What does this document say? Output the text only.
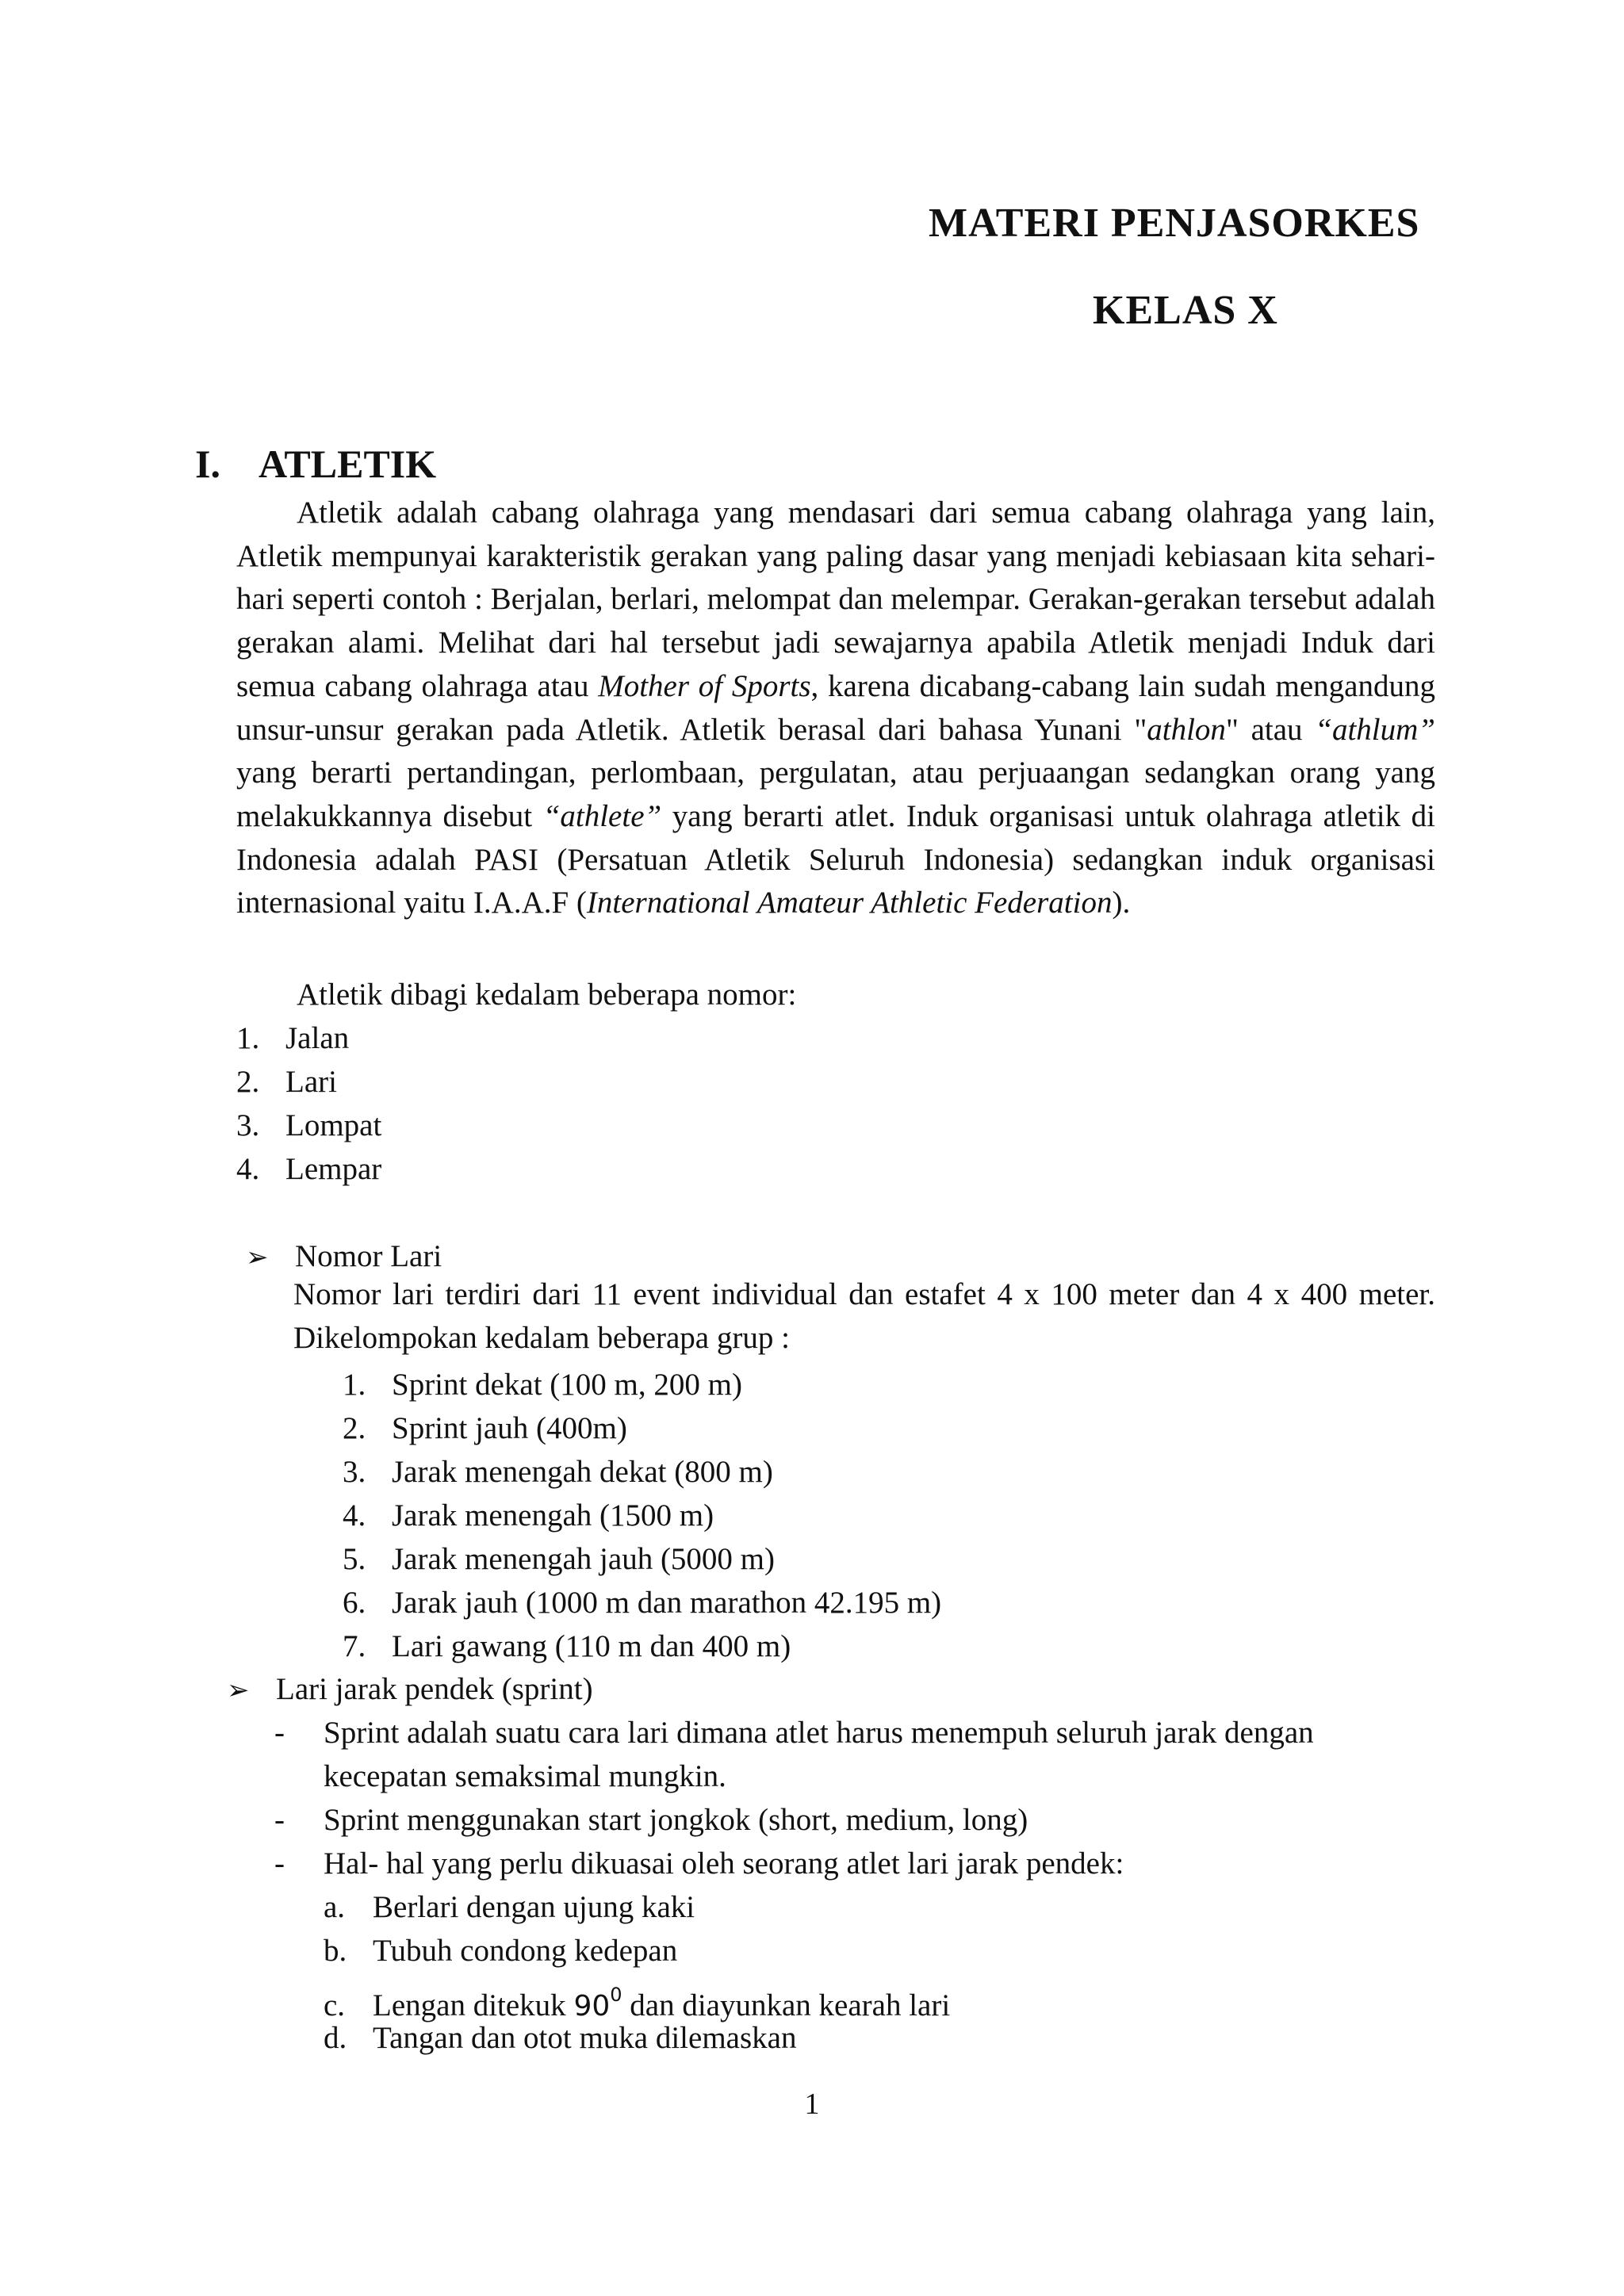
MATERI PENJASORKES
KELAS X
I. ATLETIK

Atletik adalah cabang olahraga yang mendasari dari semua cabang olahraga yang lain, Atletik mempunyai karakteristik gerakan yang paling dasar yang menjadi kebiasaan kita sehari-hari seperti contoh : Berjalan, berlari, melompat dan melempar. Gerakan-gerakan tersebut adalah gerakan alami. Melihat dari hal tersebut jadi sewajarnya apabila Atletik menjadi Induk dari semua cabang olahraga atau Mother of Sports, karena dicabang-cabang lain sudah mengandung unsur-unsur gerakan pada Atletik. Atletik berasal dari bahasa Yunani "athlon" atau “athlum” yang berarti pertandingan, perlombaan, pergulatan, atau perjuaangan sedangkan orang yang melakukkannya disebut “athlete” yang berarti atlet. Induk organisasi untuk olahraga atletik di Indonesia adalah PASI (Persatuan Atletik Seluruh Indonesia) sedangkan induk organisasi internasional yaitu I.A.A.F (International Amateur Athletic Federation).

Atletik dibagi kedalam beberapa nomor:
1. Jalan
2. Lari
3. Lompat
4. Lempar
➢ Nomor Lari

Nomor lari terdiri dari 11 event individual dan estafet 4 x 100 meter dan 4 x 400 meter. Dikelompokan kedalam beberapa grup :

1. Sprint dekat (100 m, 200 m)
2. Sprint jauh (400m)
3. Jarak menengah dekat (800 m)
4. Jarak menengah (1500 m)
5. Jarak menengah jauh (5000 m)
6. Jarak jauh (1000 m dan marathon 42.195 m)
7. Lari gawang (110 m dan 400 m)
➢ Lari jarak pendek (sprint)
- Sprint adalah suatu cara lari dimana atlet harus menempuh seluruh jarak dengan
kecepatan semaksimal mungkin.
- Sprint menggunakan start jongkok (short, medium, long)
- Hal- hal yang perlu dikuasai oleh seorang atlet lari jarak pendek:
a. Berlari dengan ujung kaki
b. Tubuh condong kedepan
c. Lengan ditekuk $90^0$ dan diayunkan kearah lari
d. Tangan dan otot muka dilemaskan
1
